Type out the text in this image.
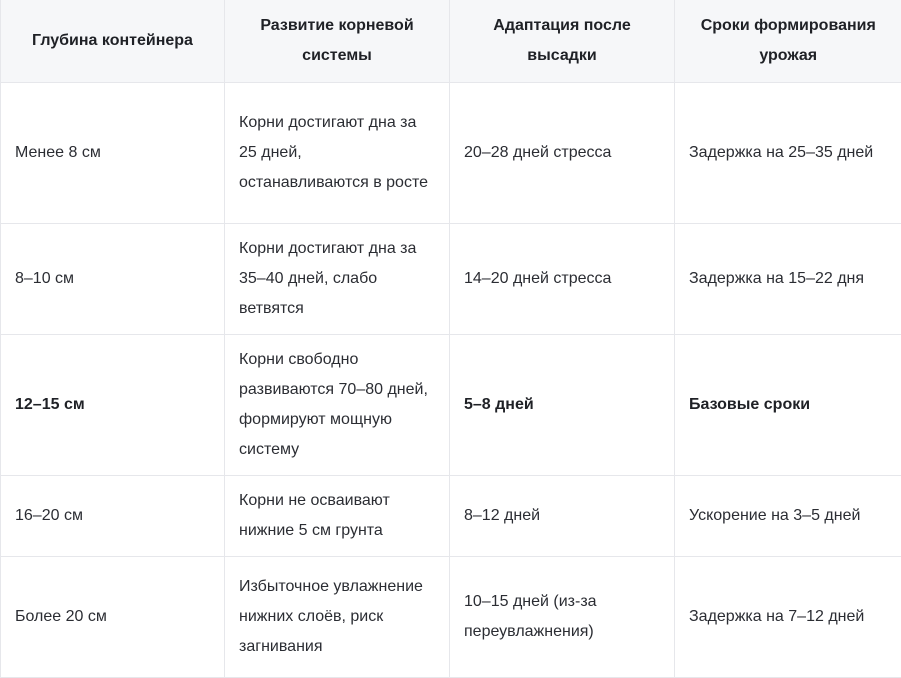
Глубина контейнера	Развитие корневой системы	Адаптация после высадки	Сроки формирования урожая
Менее 8 см	Корни достигают дна за 25 дней, останавливаются в росте	20–28 дней стресса	Задержка на 25–35 дней
8–10 см	Корни достигают дна за 35–40 дней, слабо ветвятся	14–20 дней стресса	Задержка на 15–22 дня
12–15 см	Корни свободно развиваются 70–80 дней, формируют мощную систему	5–8 дней	Базовые сроки
16–20 см	Корни не осваивают нижние 5 см грунта	8–12 дней	Ускорение на 3–5 дней
Более 20 см	Избыточное увлажнение нижних слоёв, риск загнивания	10–15 дней (из-за переувлажнения)	Задержка на 7–12 дней
